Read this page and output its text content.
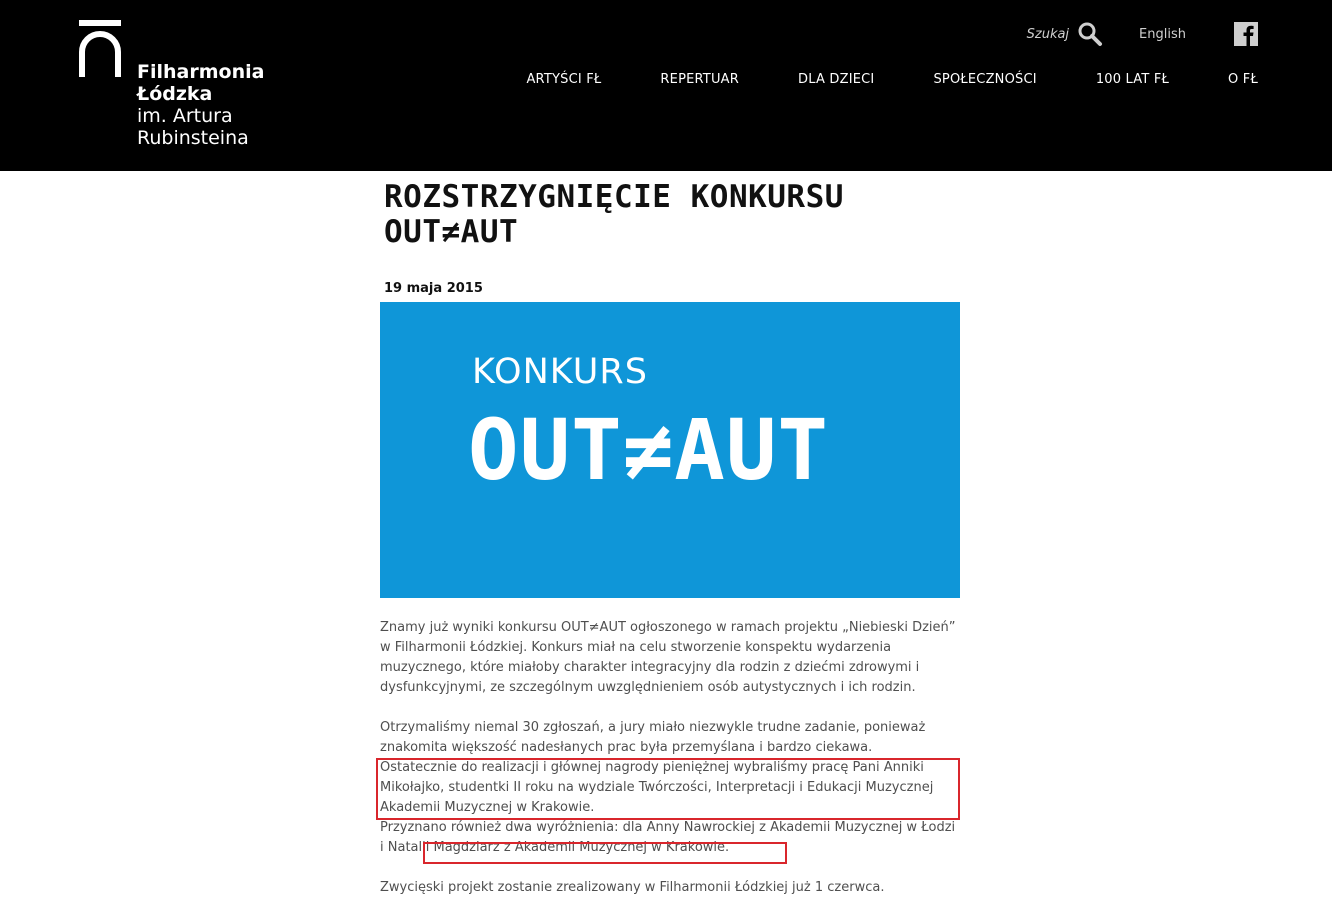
Filharmonia
Łódzka
im. Artura
Rubinsteina
Szukaj	English
ARTYŚCI FŁ	REPERTUAR	DLA DZIECI	SPOŁECZNOŚCI	100 LAT FŁ	O FŁ
ROZSTRZYGNIĘCIE KONKURSU
OUT≠AUT
19 maja 2015
KONKURS
OUT≠AUT

Znamy już wyniki konkursu OUT≠AUT ogłoszonego w ramach projektu „Niebieski Dzień” w Filharmonii Łódzkiej. Konkurs miał na celu stworzenie konspektu wydarzenia muzycznego, które miałoby charakter integracyjny dla rodzin z dziećmi zdrowymi i dysfunkcyjnymi, ze szczególnym uwzględnieniem osób autystycznych i ich rodzin.

Otrzymaliśmy niemal 30 zgłoszań, a jury miało niezwykle trudne zadanie, ponieważ znakomita większość nadesłanych prac była przemyślana i bardzo ciekawa.

Ostatecznie do realizacji i głównej nagrody pieniężnej wybraliśmy pracę Pani Anniki Mikołajko, studentki II roku na wydziale Twórczości, Interpretacji i Edukacji Muzycznej Akademii Muzycznej w Krakowie.

Przyznano również dwa wyróżnienia: dla Anny Nawrockiej z Akademii Muzycznej w Łodzi i Natalii Magdziarz z Akademii Muzycznej w Krakowie.

Zwycięski projekt zostanie zrealizowany w Filharmonii Łódzkiej już 1 czerwca.
